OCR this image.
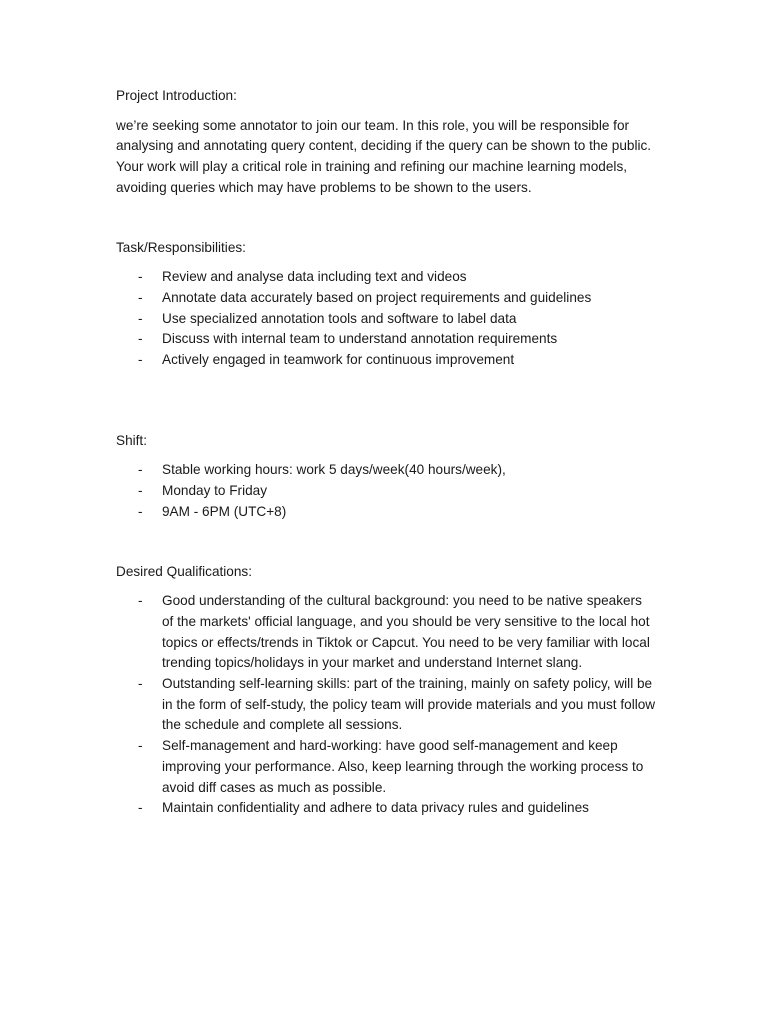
Project Introduction:

we’re seeking some annotator to join our team. In this role, you will be responsible for analysing and annotating query content, deciding if the query can be shown to the public. Your work will play a critical role in training and refining our machine learning models, avoiding queries which may have problems to be shown to the users.

Task/Responsibilities:

- Review and analyse data including text and videos
- Annotate data accurately based on project requirements and guidelines
- Use specialized annotation tools and software to label data
- Discuss with internal team to understand annotation requirements
- Actively engaged in teamwork for continuous improvement

Shift:

- Stable working hours: work 5 days/week(40 hours/week),
- Monday to Friday
- 9AM - 6PM (UTC+8)

Desired Qualifications:

- Good understanding of the cultural background: you need to be native speakers of the markets' official language, and you should be very sensitive to the local hot topics or effects/trends in Tiktok or Capcut. You need to be very familiar with local trending topics/holidays in your market and understand Internet slang.
- Outstanding self-learning skills: part of the training, mainly on safety policy, will be in the form of self-study, the policy team will provide materials and you must follow the schedule and complete all sessions.
- Self-management and hard-working: have good self-management and keep improving your performance. Also, keep learning through the working process to avoid diff cases as much as possible.
- Maintain confidentiality and adhere to data privacy rules and guidelines
